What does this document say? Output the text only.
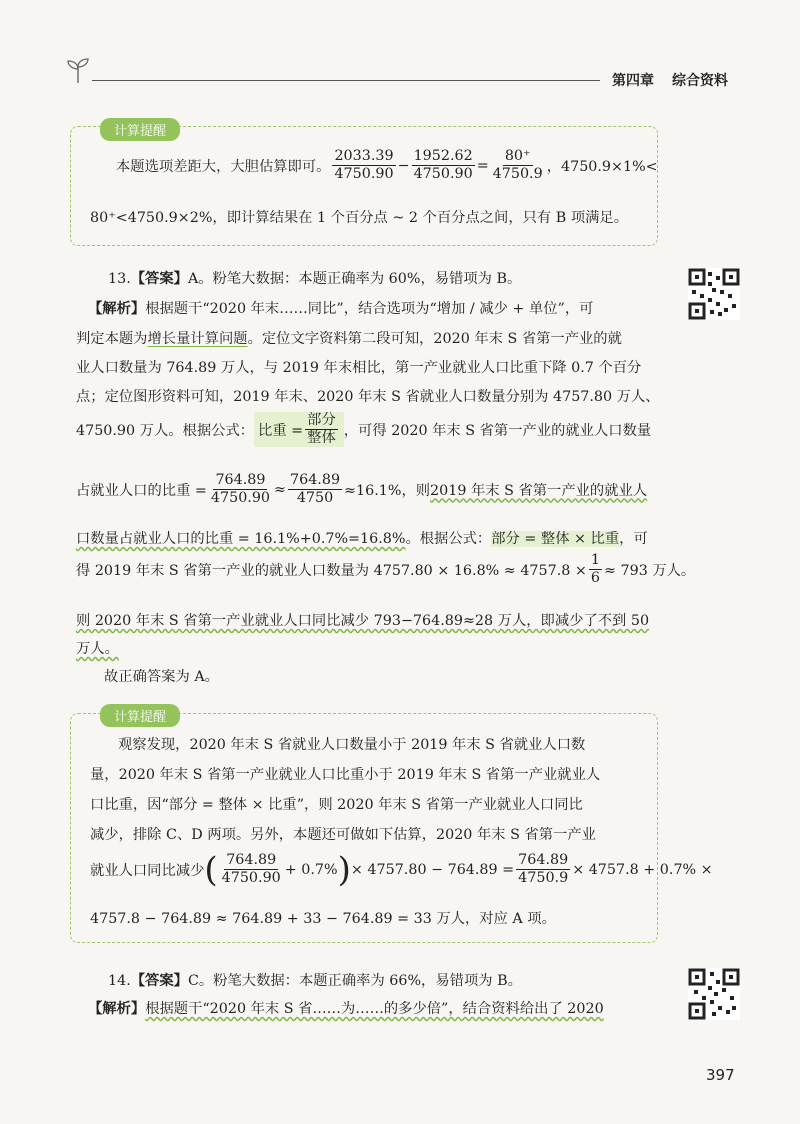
第四章 综合资料
计算提醒
本题选项差距大，大胆估算即可。 $\frac{2033.39}{4750.90} - \frac{1952.62}{4750.90} = \frac{80^+}{4750.9}$ ，4750.9×1%<
80⁺<4750.9×2%，即计算结果在 1 个百分点 ~ 2 个百分点之间，只有 B 项满足。
13.【答案】A。粉笔大数据：本题正确率为 60%，易错项为 B。
【解析】根据题干“2020 年末……同比”，结合选项为“增加 / 减少 + 单位”，可
判定本题为增长量计算问题。定位文字资料第二段可知，2020 年末 S 省第一产业的就
业人口数量为 764.89 万人，与 2019 年末相比，第一产业就业人口比重下降 0.7 个百分
点；定位图形资料可知，2019 年末、2020 年末 S 省就业人口数量分别为 4757.80 万人、
4750.90 万人。根据公式： 比重 = $\frac{\text{部分}}{\text{整体}}$ ，可得 2020 年末 S 省第一产业的就业人口数量
占就业人口的比重 = $\frac{764.89}{4750.90} \approx \frac{764.89}{4750} \approx 16.1\%$，则 2019 年末 S 省第一产业的就业人
口数量占就业人口的比重 = 16.1%+0.7%=16.8%。根据公式：部分 = 整体 × 比重，可
得 2019 年末 S 省第一产业的就业人口数量为 $4757.80 \times 16.8\% \approx 4757.8 \times \frac{1}{6} \approx 793$ 万人。
则 2020 年末 S 省第一产业就业人口同比减少 793−764.89≈28 万人，即减少了不到 50
万人。
故正确答案为 A。
计算提醒
观察发现，2020 年末 S 省就业人口数量小于 2019 年末 S 省就业人口数
量，2020 年末 S 省第一产业就业人口比重小于 2019 年末 S 省第一产业就业人
口比重，因“部分 = 整体 × 比重”，则 2020 年末 S 省第一产业就业人口同比
减少，排除 C、D 两项。另外，本题还可做如下估算，2020 年末 S 省第一产业
就业人口同比减少 ( $\frac{764.89}{4750.90} + 0.7\%$ ) × $4757.80 - 764.89 = \frac{764.89}{4750.9} \times 4757.8 + 0.7\%$ ×
4757.8 − 764.89 ≈ 764.89 + 33 − 764.89 = 33 万人，对应 A 项。
14.【答案】C。粉笔大数据：本题正确率为 66%，易错项为 B。
【解析】根据题干“2020 年末 S 省……为……的多少倍”，结合资料给出了 2020
397
